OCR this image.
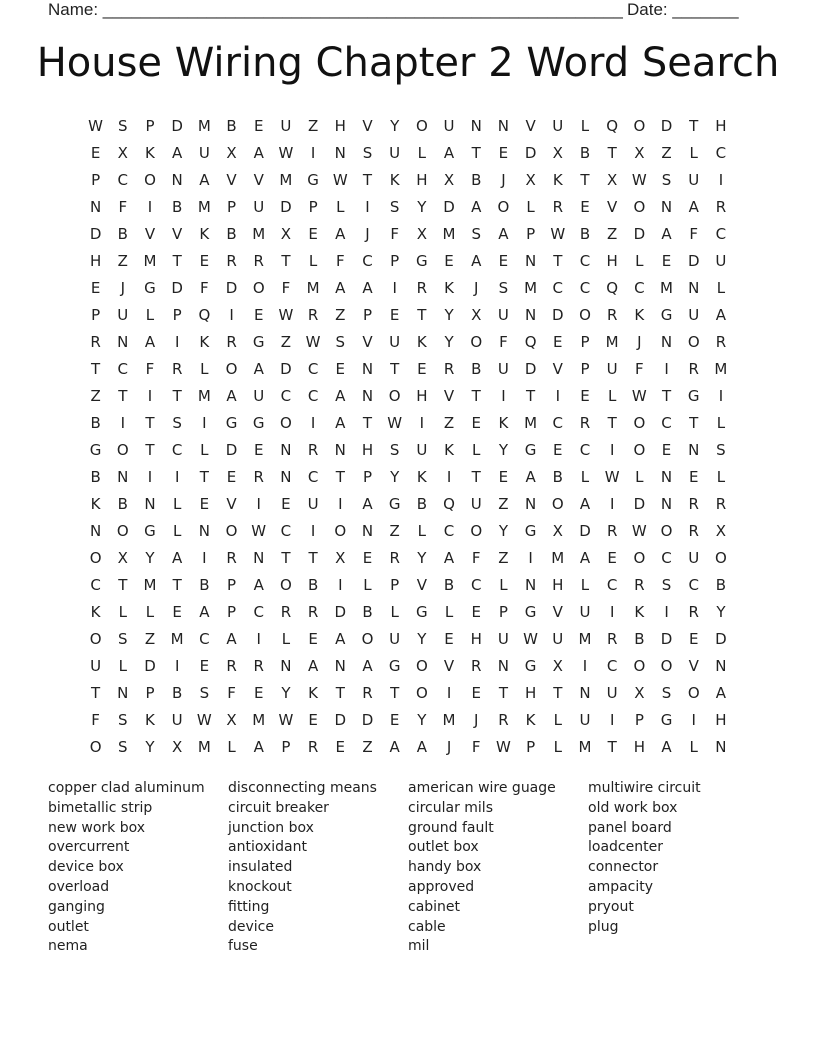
Name: _______________________________________________________ Date: _______
House Wiring Chapter 2 Word Search
W	S	P	D M	B	E	U	Z	H	V	Y	O	U	N	N	V	U	L	Q	O	D	T	H
E	X	K	A	U	X	A W	I	N	S	U	L	A	T	E	D	X	B	T	X	Z	L	C
P	C	O	N	A	V	V	M G W	T	K	H	X	B	J	X	K	T	X W	S	U	I
N	F	I	B	M	P	U	D	P	L	I	S	Y	D	A	O	L	R	E	V	O	N	A	R
D	B	V	V	K	B	M	X	E	A	J	F	X	M	S	A	P	W B	Z	D	A	F	C
H	Z	M	T	E	R	R	T	L	F	C	P	G	E	A	E	N	T	C	H	L	E	D	U
E	J	G	D	F	D	O	F	M	A	A	I	R	K	J	S	M	C	C	Q	C	M	N	L
P	U	L	P	Q	I	E	W R	Z	P	E	T	Y	X	U	N	D	O	R	K	G	U	A
R	N	A	I	K	R	G	Z W	S	V	U	K	Y	O	F	Q	E	P	M	J	N	O	R
T	C	F	R	L	O	A	D	C	E	N	T	E	R	B	U	D	V	P	U	F	I	R	M
Z	T	I	T	M	A	U	C	C	A	N	O	H	V	T	I	T	I	E	L	W	T	G	I
B	I	T	S	I	G	G	O	I	A	T	W	I	Z	E	K	M	C	R	T	O	C	T	L
G	O	T	C	L	D	E	N	R	N	H	S	U	K	L	Y	G	E	C	I	O	E	N	S
B	N	I	I	T	E	R	N	C	T	P	Y	K	I	T	E	A	B	L	W	L	N	E	L
K	B	N	L	E	V	I	E	U	I	A	G	B	Q	U	Z	N	O	A	I	D	N	R	R
N	O	G	L	N	O W C	I	O	N	Z	L	C	O	Y	G	X	D	R W O	R	X
O	X	Y	A	I	R	N	T	T	X	E	R	Y	A	F	Z	I	M	A	E	O	C	U	O
C	T	M	T	B	P	A	O	B	I	L	P	V	B	C	L	N	H	L	C	R	S	C	B
K	L	L	E	A	P	C	R	R	D	B	L	G	L	E	P	G	V	U	I	K	I	R	Y
O	S	Z	M	C	A	I	L	E	A	O	U	Y	E	H	U W U	M	R	B	D	E	D
U	L	D	I	E	R	R	N	A	N	A	G	O	V	R	N	G	X	I	C	O	O	V	N
T	N	P	B	S	F	E	Y	K	T	R	T	O	I	E	T	H	T	N	U	X	S	O	A
F	S	K	U W X	M W	E	D	D	E	Y	M	J	R	K	L	U	I	P	G	I	H
O	S	Y	X	M	L	A	P	R	E	Z	A	A	J	F	W	P	L	M	T	H	A	L	N
copper clad aluminum
bimetallic strip
new work box
overcurrent
device box
overload
ganging
outlet
nema
disconnecting means
circuit breaker
junction box
antioxidant
insulated
knockout
fitting
device
fuse
american wire guage
circular mils
ground fault
outlet box
handy box
approved
cabinet
cable
mil
multiwire circuit
old work box
panel board
loadcenter
connector
ampacity
pryout
plug
